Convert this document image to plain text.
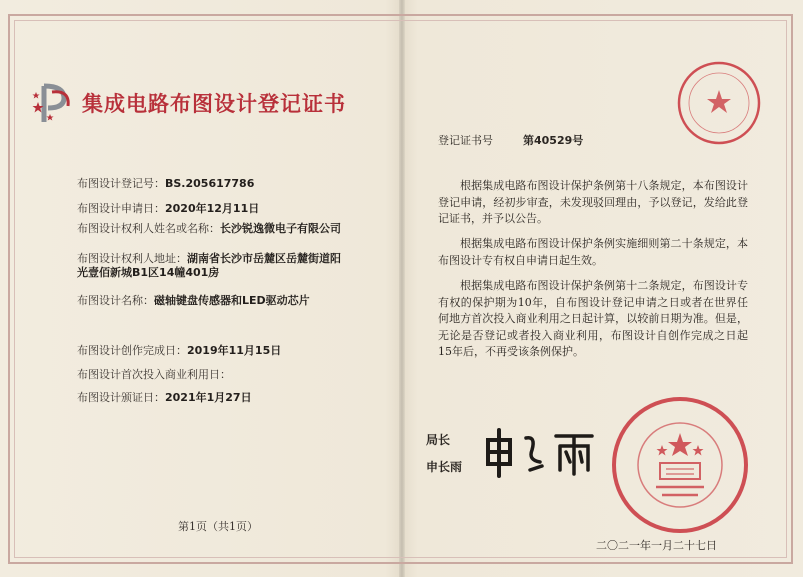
集成电路布图设计登记证书
布图设计登记号：BS.205617786
布图设计申请日：2020年12月11日
布图设计权利人姓名或名称：长沙锐逸微电子有限公司
布图设计权利人地址：湖南省长沙市岳麓区岳麓街道阳光壹佰新城B1区14幢401房
布图设计名称：磁轴键盘传感器和LED驱动芯片
布图设计创作完成日：2019年11月15日
布图设计首次投入商业利用日：
布图设计颁证日：2021年1月27日
第1页（共1页）
登记证书号	第40529号
根据集成电路布图设计保护条例第十八条规定，本布图设计登记申请，经初步审查，未发现驳回理由，予以登记，发给此登记证书，并予以公告。
根据集成电路布图设计保护条例实施细则第二十条规定，本布图设计专有权自申请日起生效。
根据集成电路布图设计保护条例第十二条规定，布图设计专有权的保护期为10年，自布图设计登记申请之日或者在世界任何地方首次投入商业利用之日起计算，以较前日期为准。但是，无论是否登记或者投入商业利用，布图设计自创作完成之日起15年后，不再受该条例保护。
局长
申长雨
二〇二一年一月二十七日
